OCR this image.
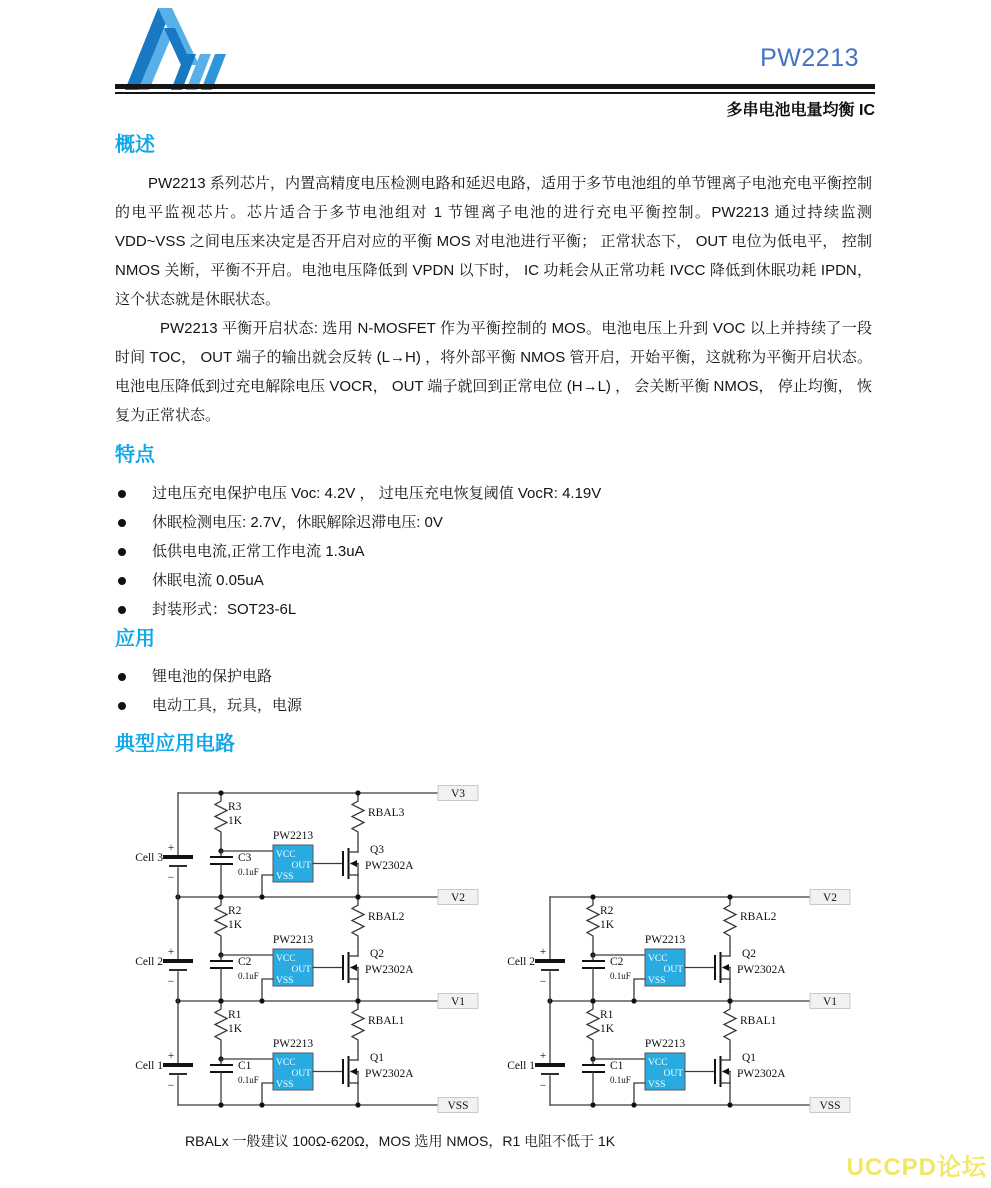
PW2213
多串电池电量均衡 IC
概述

PW2213 系列芯片，内置高精度电压检测电路和延迟电路，适用于多节电池组的单节锂离子电池充电平衡控制的电平监视芯片。芯片适合于多节电池组对 1 节锂离子电池的进行充电平衡控制。PW2213 通过持续监测 VDD~VSS 之间电压来决定是否开启对应的平衡 MOS 对电池进行平衡； 正常状态下， OUT 电位为低电平， 控制 NMOS 关断，平衡不开启。电池电压降低到 VPDN 以下时， IC 功耗会从正常功耗 IVCC 降低到休眠功耗 IPDN，这个状态就是休眠状态。

PW2213 平衡开启状态: 选用 N-MOSFET 作为平衡控制的 MOS。电池电压上升到 VOC 以上并持续了一段时间 TOC， OUT 端子的输出就会反转 (L→H) ，将外部平衡 NMOS 管开启，开始平衡，这就称为平衡开启状态。 电池电压降低到过充电解除电压 VOCR， OUT 端子就回到正常电位 (H→L) ， 会关断平衡 NMOS， 停止均衡， 恢复为正常状态。

特点
过电压充电保护电压 Voc: 4.2V ， 过电压充电恢复阈值 VocR: 4.19V
休眠检测电压: 2.7V，休眠解除迟滞电压: 0V
低供电电流,正常工作电流 1.3uA
休眠电流 0.05uA
封装形式：SOT23-6L
应用
锂电池的保护电路
电动工具，玩具，电源
典型应用电路
V3
V2
V1
VSS
+
−
Cell 3
R3
1K
C3
0.1uF
PW2213
VCC
OUT
VSS
Q3
PW2302A
RBAL3
+
−
Cell 2
R2
1K
C2
0.1uF
PW2213
VCC
OUT
VSS
Q2
PW2302A
RBAL2
+
−
Cell 1
R1
1K
C1
0.1uF
PW2213
VCC
OUT
VSS
Q1
PW2302A
RBAL1
V2
V1
VSS
+
−
Cell 2
R2
1K
C2
0.1uF
PW2213
VCC
OUT
VSS
Q2
PW2302A
RBAL2
+
−
Cell 1
R1
1K
C1
0.1uF
PW2213
VCC
OUT
VSS
Q1
PW2302A
RBAL1
RBALx 一般建议 100Ω-620Ω，MOS 选用 NMOS，R1 电阻不低于 1K
UCCPD论坛
